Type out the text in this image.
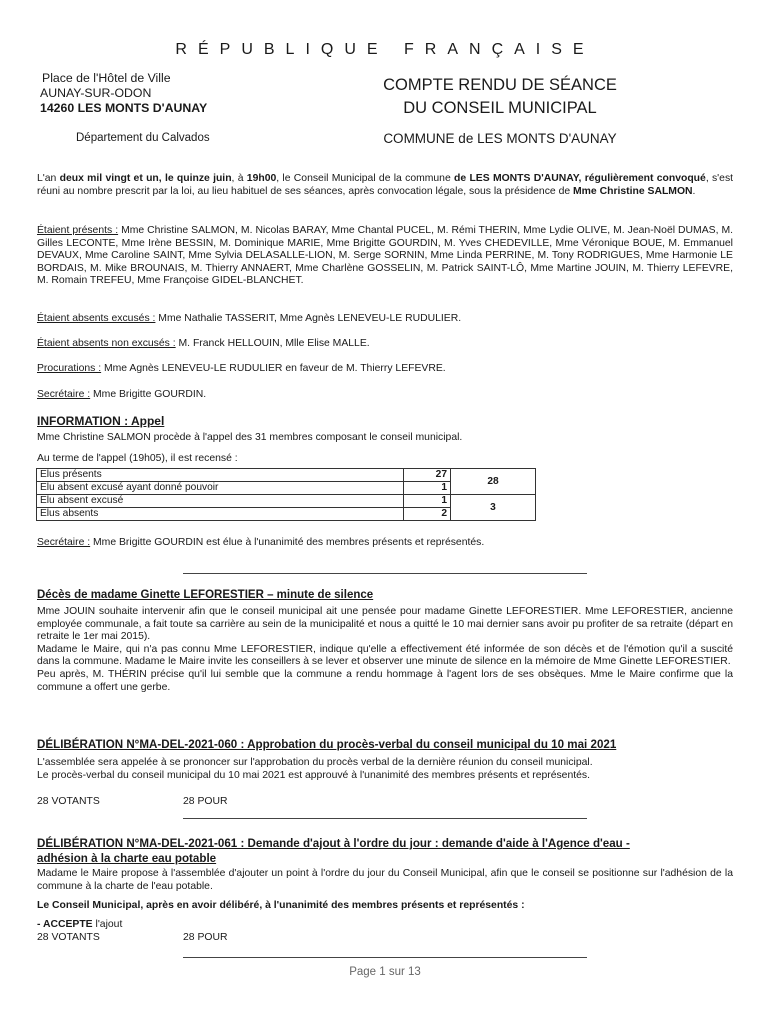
RÉPUBLIQUE FRANÇAISE
Place de l'Hôtel de Ville
AUNAY-SUR-ODON
14260 LES MONTS D'AUNAY
Département du Calvados
COMPTE RENDU DE SÉANCE
DU CONSEIL MUNICIPAL
COMMUNE de LES MONTS D'AUNAY

L'an deux mil vingt et un, le quinze juin, à 19h00, le Conseil Municipal de la commune de LES MONTS D'AUNAY, régulièrement convoqué, s'est réuni au nombre prescrit par la loi, au lieu habituel de ses séances, après convocation légale, sous la présidence de Mme Christine SALMON.

Étaient présents : Mme Christine SALMON, M. Nicolas BARAY, Mme Chantal PUCEL, M. Rémi THERIN, Mme Lydie OLIVE, M. Jean-Noël DUMAS, M. Gilles LECONTE, Mme Irène BESSIN, M. Dominique MARIE, Mme Brigitte GOURDIN, M. Yves CHEDEVILLE, Mme Véronique BOUE, M. Emmanuel DEVAUX, Mme Caroline SAINT, Mme Sylvia DELASALLE-LION, M. Serge SORNIN, Mme Linda PERRINE, M. Tony RODRIGUES, Mme Harmonie LE BORDAIS, M. Mike BROUNAIS, M. Thierry ANNAERT, Mme Charlène GOSSELIN, M. Patrick SAINT-LÔ, Mme Martine JOUIN, M. Thierry LEFEVRE, M. Romain TREFEU, Mme Françoise GIDEL-BLANCHET.

Étaient absents excusés : Mme Nathalie TASSERIT, Mme Agnès LENEVEU-LE RUDULIER.

Étaient absents non excusés : M. Franck HELLOUIN, Mlle Elise MALLE.

Procurations : Mme Agnès LENEVEU-LE RUDULIER en faveur de M. Thierry LEFEVRE.

Secrétaire : Mme Brigitte GOURDIN.

INFORMATION : Appel

Mme Christine SALMON procède à l'appel des 31 membres composant le conseil municipal.

Au terme de l'appel (19h05), il est recensé :

Elus présents	27	28
Elu absent excusé ayant donné pouvoir	1	
Elu absent excusé	1	3
Elus absents	2	

Secrétaire : Mme Brigitte GOURDIN est élue à l'unanimité des membres présents et représentés.

Décès de madame Ginette LEFORESTIER – minute de silence

Mme JOUIN souhaite intervenir afin que le conseil municipal ait une pensée pour madame Ginette LEFORESTIER. Mme LEFORESTIER, ancienne employée communale, a fait toute sa carrière au sein de la municipalité et nous a quitté le 10 mai dernier sans avoir pu profiter de sa retraite (départ en retraite le 1er mai 2015).
Madame le Maire, qui n'a pas connu Mme LEFORESTIER, indique qu'elle a effectivement été informée de son décès et de l'émotion qu'il a suscité dans la commune. Madame le Maire invite les conseillers à se lever et observer une minute de silence en la mémoire de Mme Ginette LEFORESTIER.
Peu après, M. THÉRIN précise qu'il lui semble que la commune a rendu hommage à l'agent lors de ses obsèques. Mme le Maire confirme que la commune a offert une gerbe.

DÉLIBÉRATION N°MA-DEL-2021-060 : Approbation du procès-verbal du conseil municipal du 10 mai 2021

L'assemblée sera appelée à se prononcer sur l'approbation du procès verbal de la dernière réunion du conseil municipal.
Le procès-verbal du conseil municipal du 10 mai 2021 est approuvé à l'unanimité des membres présents et représentés.

28 VOTANTS	28 POUR
DÉLIBÉRATION N°MA-DEL-2021-061 : Demande d'ajout à l'ordre du jour : demande d'aide à l'Agence d'eau -
adhésion à la charte eau potable

Madame le Maire propose à l'assemblée d'ajouter un point à l'ordre du jour du Conseil Municipal, afin que le conseil se positionne sur l'adhésion de la commune à la charte de l'eau potable.

Le Conseil Municipal, après en avoir délibéré, à l'unanimité des membres présents et représentés :

- ACCEPTE l'ajout
28 VOTANTS	28 POUR
Page 1 sur 13
